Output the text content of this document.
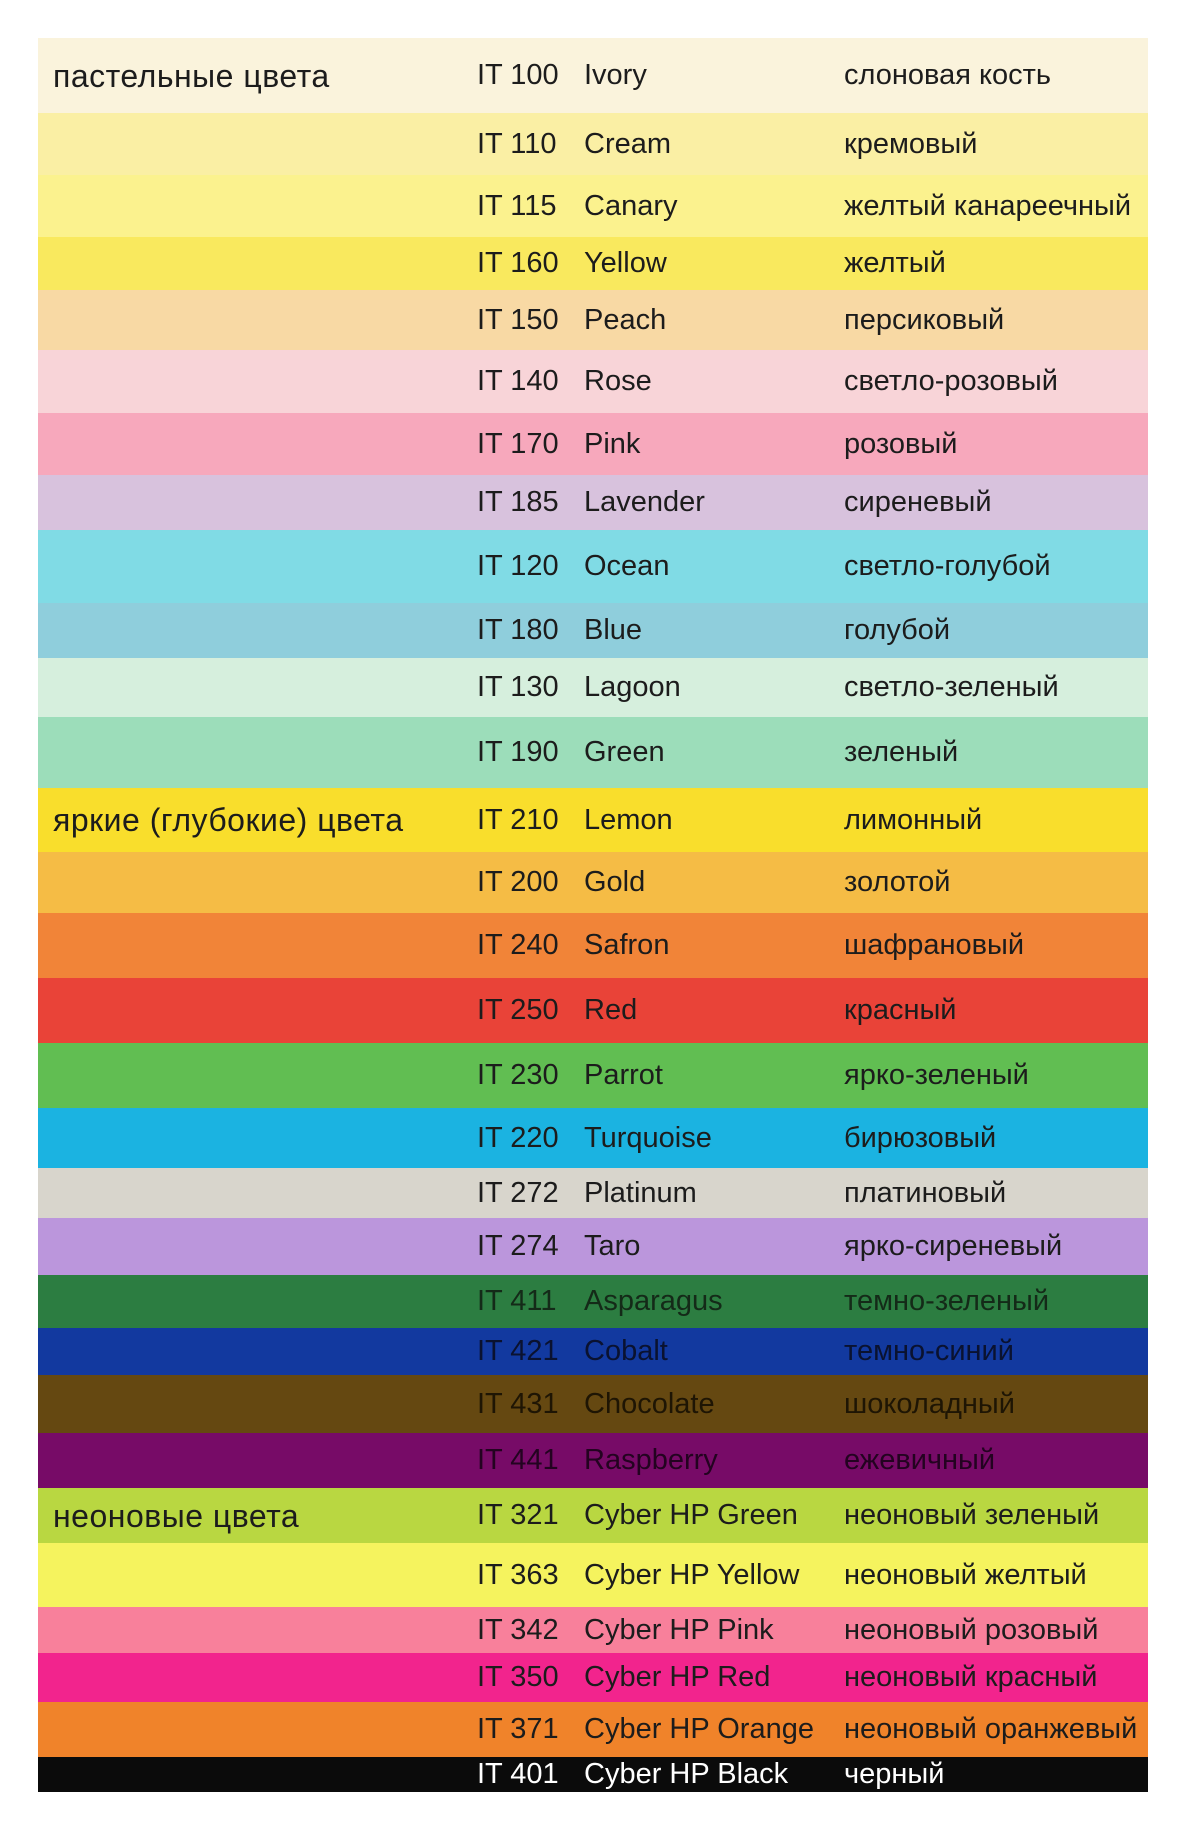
пастельные цвета	IT 100 Ivory	слоновая кость
IT 110 Cream	кремовый
IT 115 Canary	желтый канареечный
IT 160 Yellow	желтый
IT 150 Peach	персиковый
IT 140 Rose	светло-розовый
IT 170 Pink	розовый
IT 185 Lavender	сиреневый
IT 120 Ocean	светло-голубой
IT 180 Blue	голубой
IT 130 Lagoon	светло-зеленый
IT 190 Green	зеленый
яркие (глубокие) цвета	IT 210 Lemon	лимонный
IT 200 Gold	золотой
IT 240 Safron	шафрановый
IT 250 Red	красный
IT 230 Parrot	ярко-зеленый
IT 220 Turquoise	бирюзовый
IT 272 Platinum	платиновый
IT 274 Taro	ярко-сиреневый
IT 411 Asparagus	темно-зеленый
IT 421 Cobalt	темно-синий
IT 431 Chocolate	шоколадный
IT 441 Raspberry	ежевичный
неоновые цвета	IT 321 Cyber HP Green	неоновый зеленый
IT 363 Cyber HP Yellow	неоновый желтый
IT 342 Cyber HP Pink	неоновый розовый
IT 350 Cyber HP Red	неоновый красный
IT 371 Cyber HP Orange	неоновый оранжевый
IT 401 Cyber HP Black	черный
